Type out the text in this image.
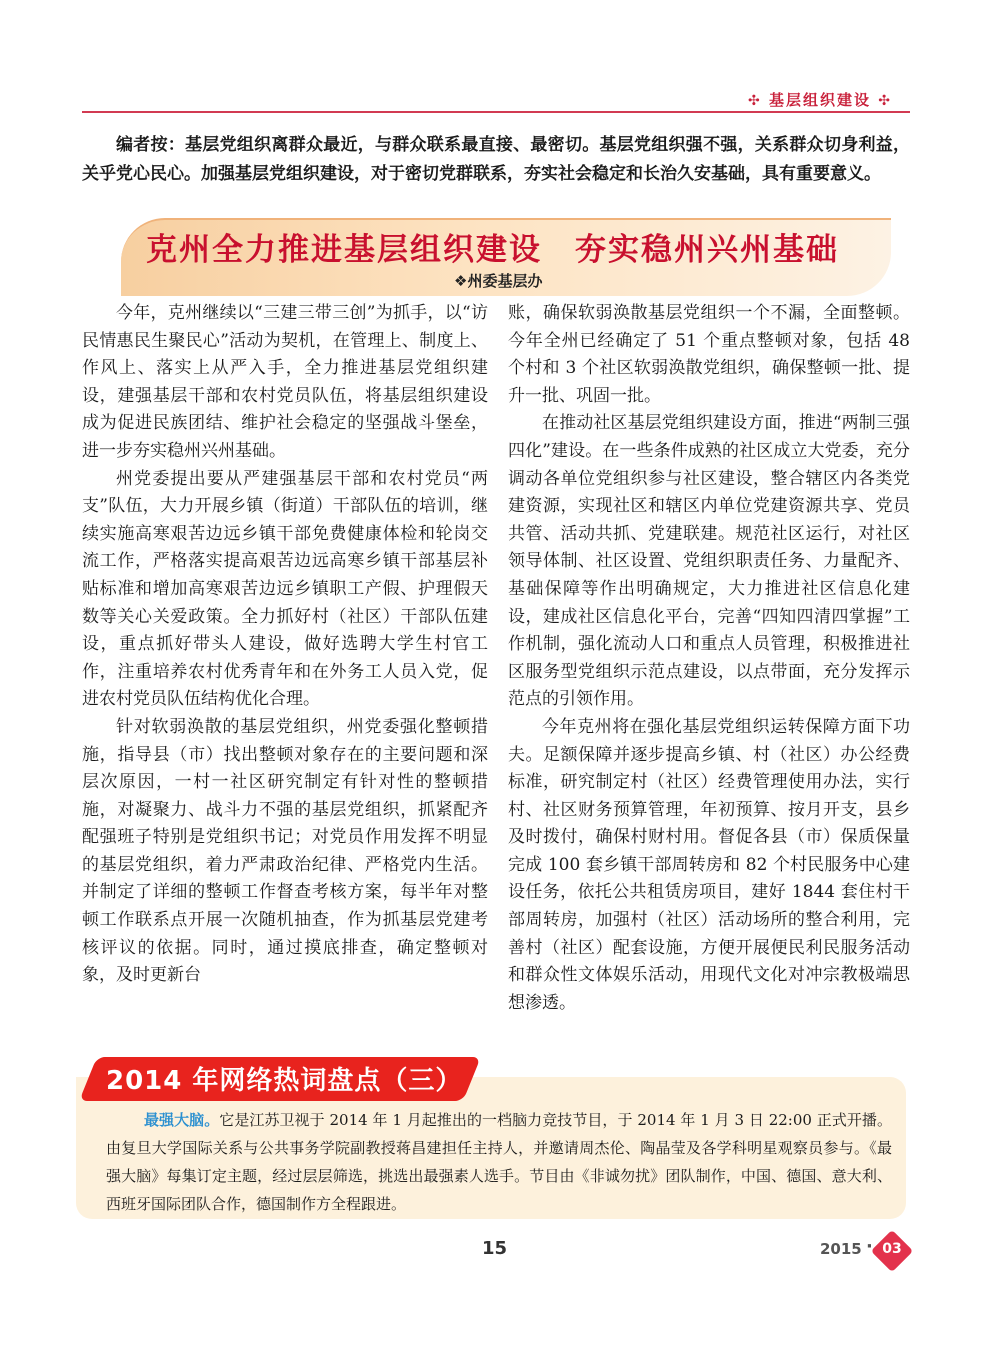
✣ 基层组织建设 ✣

编者按：基层党组织离群众最近，与群众联系最直接、最密切。基层党组织强不强，关系群众切身利益，关乎党心民心。加强基层党组织建设，对于密切党群联系，夯实社会稳定和长治久安基础，具有重要意义。

克州全力推进基层组织建设　夯实稳州兴州基础
❖州委基层办

今年，克州继续以“三建三带三创”为抓手，以“访民情惠民生聚民心”活动为契机，在管理上、制度上、作风上、落实上从严入手，全力推进基层党组织建设，建强基层干部和农村党员队伍，将基层组织建设成为促进民族团结、维护社会稳定的坚强战斗堡垒，进一步夯实稳州兴州基础。

州党委提出要从严建强基层干部和农村党员“两支”队伍，大力开展乡镇（街道）干部队伍的培训，继续实施高寒艰苦边远乡镇干部免费健康体检和轮岗交流工作，严格落实提高艰苦边远高寒乡镇干部基层补贴标准和增加高寒艰苦边远乡镇职工产假、护理假天数等关心关爱政策。全力抓好村（社区）干部队伍建设，重点抓好带头人建设，做好选聘大学生村官工作，注重培养农村优秀青年和在外务工人员入党，促进农村党员队伍结构优化合理。

针对软弱涣散的基层党组织，州党委强化整顿措施，指导县（市）找出整顿对象存在的主要问题和深层次原因，一村一社区研究制定有针对性的整顿措施，对凝聚力、战斗力不强的基层党组织，抓紧配齐配强班子特别是党组织书记；对党员作用发挥不明显的基层党组织，着力严肃政治纪律、严格党内生活。并制定了详细的整顿工作督查考核方案，每半年对整顿工作联系点开展一次随机抽查，作为抓基层党建考核评议的依据。同时，通过摸底排查，确定整顿对象，及时更新台

账，确保软弱涣散基层党组织一个不漏，全面整顿。今年全州已经确定了 51 个重点整顿对象，包括 48 个村和 3 个社区软弱涣散党组织，确保整顿一批、提升一批、巩固一批。

在推动社区基层党组织建设方面，推进“两制三强四化”建设。在一些条件成熟的社区成立大党委，充分调动各单位党组织参与社区建设，整合辖区内各类党建资源，实现社区和辖区内单位党建资源共享、党员共管、活动共抓、党建联建。规范社区运行，对社区领导体制、社区设置、党组织职责任务、力量配齐、基础保障等作出明确规定，大力推进社区信息化建设，建成社区信息化平台，完善“四知四清四掌握”工作机制，强化流动人口和重点人员管理，积极推进社区服务型党组织示范点建设，以点带面，充分发挥示范点的引领作用。

今年克州将在强化基层党组织运转保障方面下功夫。足额保障并逐步提高乡镇、村（社区）办公经费标准，研究制定村（社区）经费管理使用办法，实行村、社区财务预算管理，年初预算、按月开支，县乡及时拨付，确保村财村用。督促各县（市）保质保量完成 100 套乡镇干部周转房和 82 个村民服务中心建设任务，依托公共租赁房项目，建好 1844 套住村干部周转房，加强村（社区）活动场所的整合利用，完善村（社区）配套设施，方便开展便民利民服务活动和群众性文体娱乐活动，用现代文化对冲宗教极端思想渗透。

2014 年网络热词盘点（三）

最强大脑。它是江苏卫视于 2014 年 1 月起推出的一档脑力竞技节目，于 2014 年 1 月 3 日 22:00 正式开播。由复旦大学国际关系与公共事务学院副教授蒋昌建担任主持人，并邀请周杰伦、陶晶莹及各学科明星观察员参与。《最强大脑》每集订定主题，经过层层筛选，挑选出最强素人选手。节目由《非诚勿扰》团队制作，中国、德国、意大利、西班牙国际团队合作，德国制作方全程跟进。

15	2015 · 03
